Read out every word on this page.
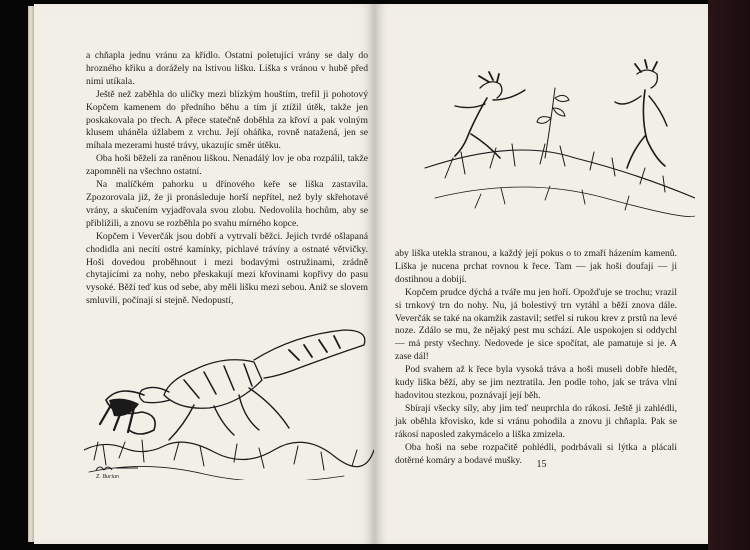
a chňapla jednu vránu za křídlo. Ostatní poletující vrány se daly do hrozného křiku a dorážely na lstivou lišku. Liška s vránou v hubě před nimi utíkala.

Ještě než zaběhla do uličky mezi blízkým houštím, trefil ji pohotový Kopčem kamenem do předního běhu a tím jí ztížil útěk, takže jen poskakovala po třech. A přece statečně doběhla za křoví a pak volným klusem uháněla úžlabem z vrchu. Její oháňka, rovně natažená, jen se míhala mezerami husté trávy, ukazujíc směr útěku.

Oba hoši běželi za raněnou liškou. Nenadálý lov je oba rozpálil, takže zapomněli na všechno ostatní.

Na malíčkém pahorku u dřínového keře se liška zastavila. Zpozorovala již, že ji pronásleduje horší nepřítel, než byly skřehotavé vrány, a skučením vyjadřovala svou zlobu. Nedovolila hochům, aby se přiblížili, a znovu se rozběhla po svahu mírného kopce.

Kopčem i Veverčák jsou dobří a vytrvalí běžci. Jejich tvrdé ošlapaná chodidla ani necítí ostré kamínky, pichlavé trávíny a ostnaté větvičky. Hoši dovedou proběhnout i mezi bodavými ostružinami, zrádně chytajícími za nohy, nebo přeskakují mezi křovinami kopřivy do pasu vysoké. Běží teď kus od sebe, aby měli lišku mezi sebou. Aniž se slovem smluvili, počínají si stejně. Nedopustí,

Z. Burian

aby liška utekla stranou, a každý její pokus o to zmaří házením kamenů. Liška je nucena prchat rovnou k řece. Tam — jak hoši doufají — ji dostihnou a dobijí.

Kopčem prudce dýchá a tváře mu jen hoří. Opožďuje se trochu; vrazil si trnkový trn do nohy. Nu, já bolestivý trn vytáhl a běží znova dále. Veverčák se také na okamžik zastavil; setřel si rukou krev z prstů na levé noze. Zdálo se mu, že nějaký pest mu schází. Ale uspokojen si oddychl — má prsty všechny. Nedovede je sice spočítat, ale pamatuje si je. A zase dál!

Pod svahem až k řece byla vysoká tráva a hoši museli dobře hledět, kudy liška běží, aby se jim neztratila. Jen podle toho, jak se tráva vlní hadovitou stezkou, poznávají její běh.

Sbírají všecky síly, aby jim teď neuprchla do rákosí. Ještě ji zahlédli, jak oběhla křovisko, kde si vránu pohodila a znovu ji chňapla. Pak se rákosí naposled zakymácelo a liška zmizela.

Oba hoši na sebe rozpačitě pohlédli, podrbávali si lýtka a plácali dotěrné komáry a bodavé mušky.	15
